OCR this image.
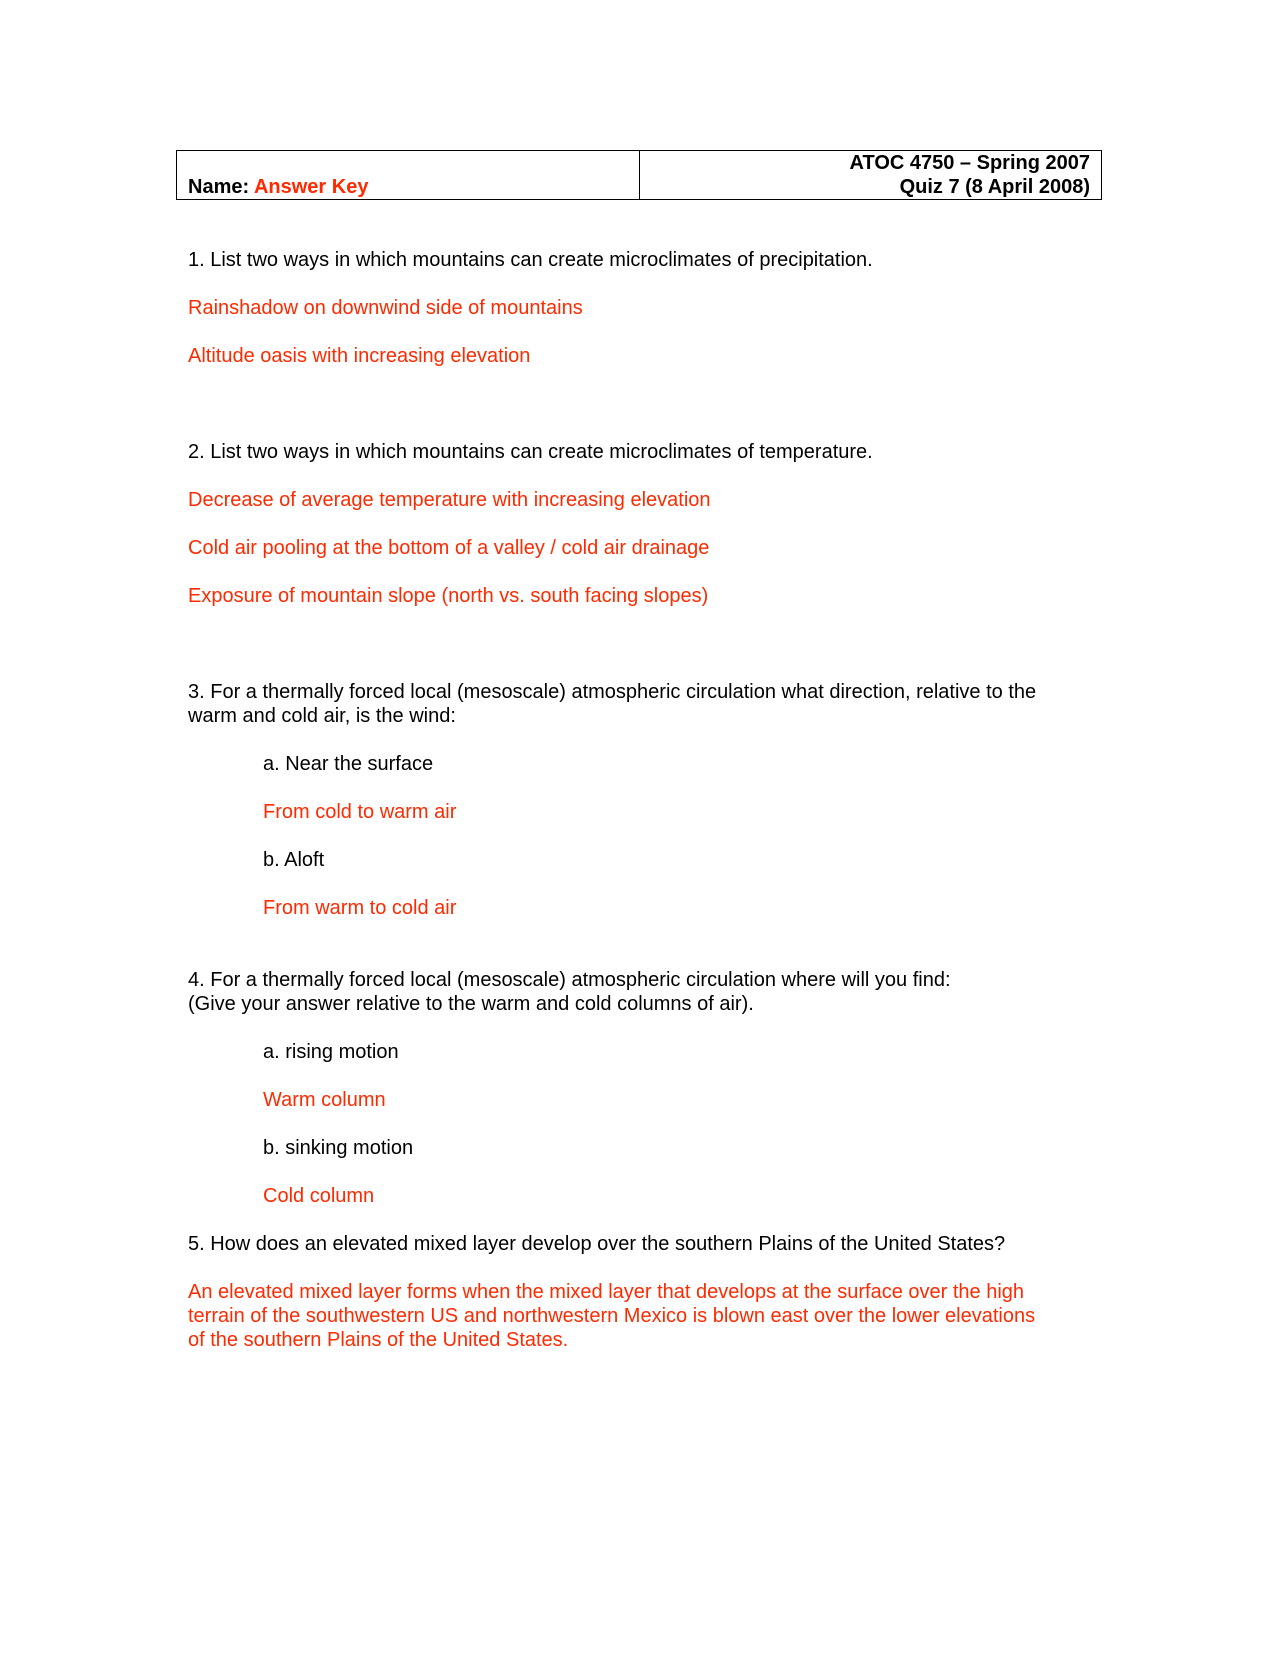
Name: Answer Key	
ATOC 4750 – Spring 2007
Quiz 7 (8 April 2008)

1. List two ways in which mountains can create microclimates of precipitation.

Rainshadow on downwind side of mountains

Altitude oasis with increasing elevation

2. List two ways in which mountains can create microclimates of temperature.

Decrease of average temperature with increasing elevation

Cold air pooling at the bottom of a valley / cold air drainage

Exposure of mountain slope (north vs. south facing slopes)

3. For a thermally forced local (mesoscale) atmospheric circulation what direction, relative to the

warm and cold air, is the wind:

a. Near the surface

From cold to warm air

b. Aloft

From warm to cold air

4. For a thermally forced local (mesoscale) atmospheric circulation where will you find:

(Give your answer relative to the warm and cold columns of air).

a. rising motion

Warm column

b. sinking motion

Cold column

5. How does an elevated mixed layer develop over the southern Plains of the United States?

An elevated mixed layer forms when the mixed layer that develops at the surface over the high

terrain of the southwestern US and northwestern Mexico is blown east over the lower elevations

of the southern Plains of the United States.
